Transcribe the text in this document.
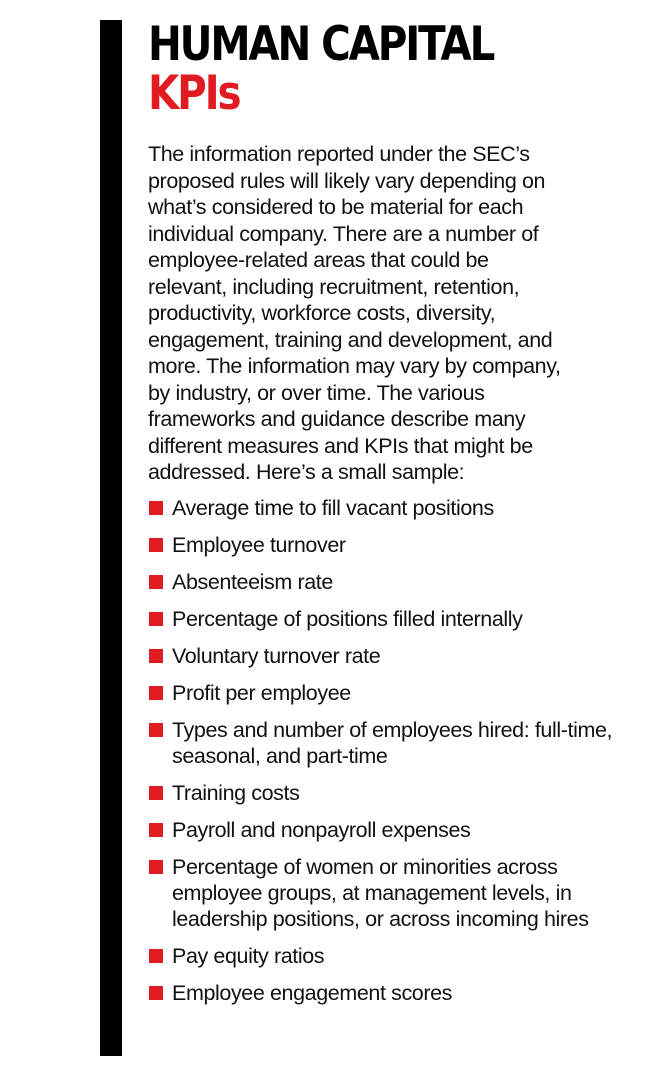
HUMAN CAPITAL
KPIs

The information reported under the SEC’s proposed rules will likely vary depending on what’s considered to be material for each individual company. There are a number of employee-related areas that could be relevant, including recruitment, retention, productivity, workforce costs, diversity, engagement, training and development, and more. The information may vary by company, by industry, or over time. The various frameworks and guidance describe many different measures and KPIs that might be addressed. Here’s a small sample:

Average time to fill vacant positions
Employee turnover
Absenteeism rate
Percentage of positions filled internally
Voluntary turnover rate
Profit per employee
Types and number of employees hired: full-time, seasonal, and part-time
Training costs
Payroll and nonpayroll expenses
Percentage of women or minorities across employee groups, at management levels, in leadership positions, or across incoming hires
Pay equity ratios
Employee engagement scores
